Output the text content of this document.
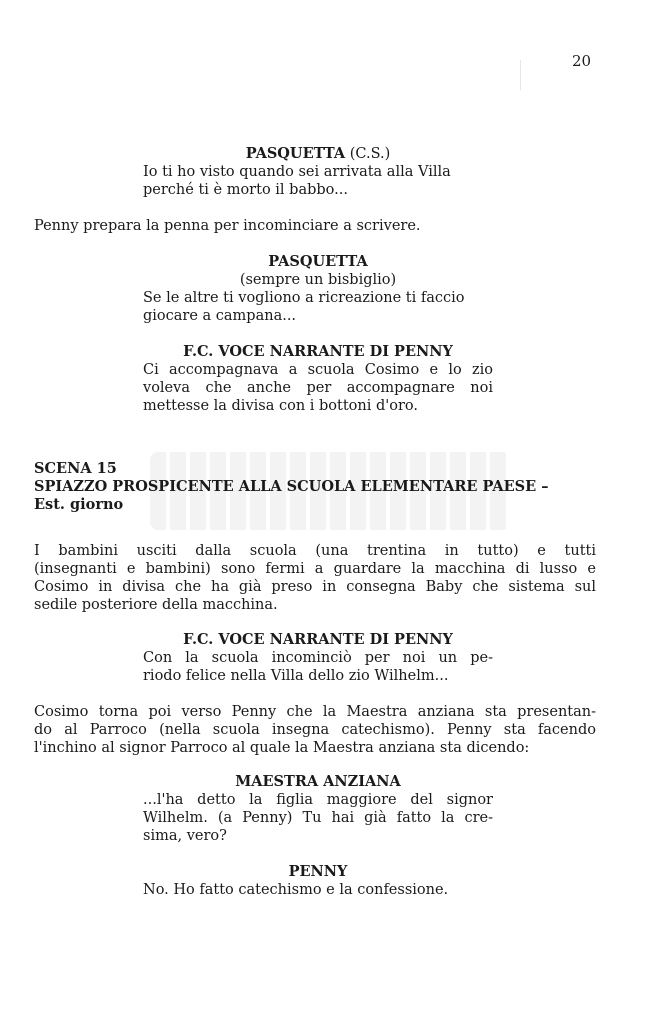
20
PASQUETTA (C.S.)
Io ti ho visto quando sei arrivata alla Villa
perché ti è morto il babbo...
Penny prepara la penna per incominciare a scrivere.
PASQUETTA
(sempre un bisbiglio)
Se le altre ti vogliono a ricreazione ti faccio
giocare a campana...
F.C. VOCE NARRANTE DI PENNY
Ci accompagnava a scuola Cosimo e lo zio
voleva che anche per accompagnare noi
mettesse la divisa con i bottoni d'oro.
SCENA 15
SPIAZZO PROSPICENTE ALLA SCUOLA ELEMENTARE PAESE –
Est. giorno
I bambini usciti dalla scuola (una trentina in tutto) e tutti
(insegnanti e bambini) sono fermi a guardare la macchina di lusso e
Cosimo in divisa che ha già preso in consegna Baby che sistema sul
sedile posteriore della macchina.
F.C. VOCE NARRANTE DI PENNY
Con la scuola incominciò per noi un pe-
riodo felice nella Villa dello zio Wilhelm...
Cosimo torna poi verso Penny che la Maestra anziana sta presentan-
do al Parroco (nella scuola insegna catechismo). Penny sta facendo
l'inchino al signor Parroco al quale la Maestra anziana sta dicendo:
MAESTRA ANZIANA
...l'ha detto la figlia maggiore del signor
Wilhelm. (a Penny) Tu hai già fatto la cre-
sima, vero?
PENNY
No. Ho fatto catechismo e la confessione.
